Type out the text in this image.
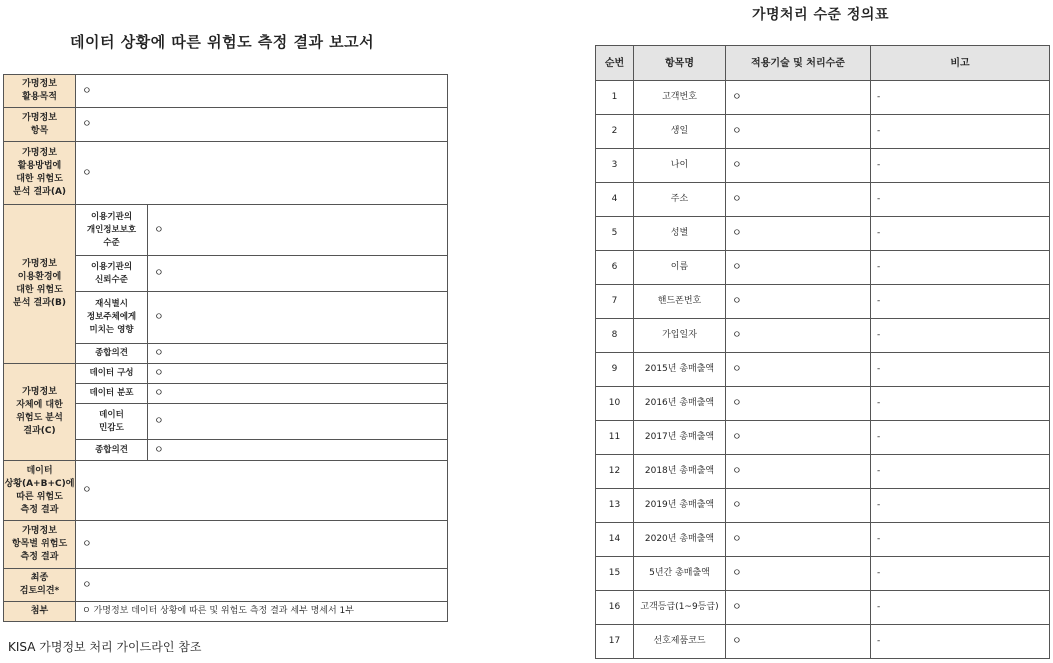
데이터 상황에 따른 위험도 측정 결과 보고서
가명처리 수준 정의표
가명정보
활용목적	ㅇ	
가명정보
항목	ㅇ	
가명정보
활용방법에
대한 위험도
분석 결과(A)	ㅇ	
가명정보
이용환경에
대한 위험도
분석 결과(B)	이용기관의
개인정보보호
수준	ㅇ
	이용기관의
신뢰수준	ㅇ
	재식별시
정보주체에게
미치는 영향	ㅇ
	종합의견	ㅇ
가명정보
자체에 대한
위험도 분석
결과(C)	데이터 구성	ㅇ
	데이터 분포	ㅇ
	데이터
민감도	ㅇ
	종합의견	ㅇ
데이터
상황(A+B+C)에
따른 위험도
측정 결과	ㅇ	
가명정보
항목별 위험도
측정 결과	ㅇ	
최종
검토의견*	ㅇ	
첨부	ㅇ 가명정보 데이터 상황에 따른 및 위험도 측정 결과 세부 명세서 1부	
순번	항목명	적용기술 및 처리수준	비고
1	고객번호	ㅇ	-
2	생일	ㅇ	-
3	나이	ㅇ	-
4	주소	ㅇ	-
5	성별	ㅇ	-
6	이름	ㅇ	-
7	핸드폰번호	ㅇ	-
8	가입일자	ㅇ	-
9	2015년 총매출액	ㅇ	-
10	2016년 총매출액	ㅇ	-
11	2017년 총매출액	ㅇ	-
12	2018년 총매출액	ㅇ	-
13	2019년 총매출액	ㅇ	-
14	2020년 총매출액	ㅇ	-
15	5년간 총매출액	ㅇ	-
16	고객등급(1~9등급)	ㅇ	-
17	선호제품코드	ㅇ	-
KISA 가명정보 처리 가이드라인 참조
